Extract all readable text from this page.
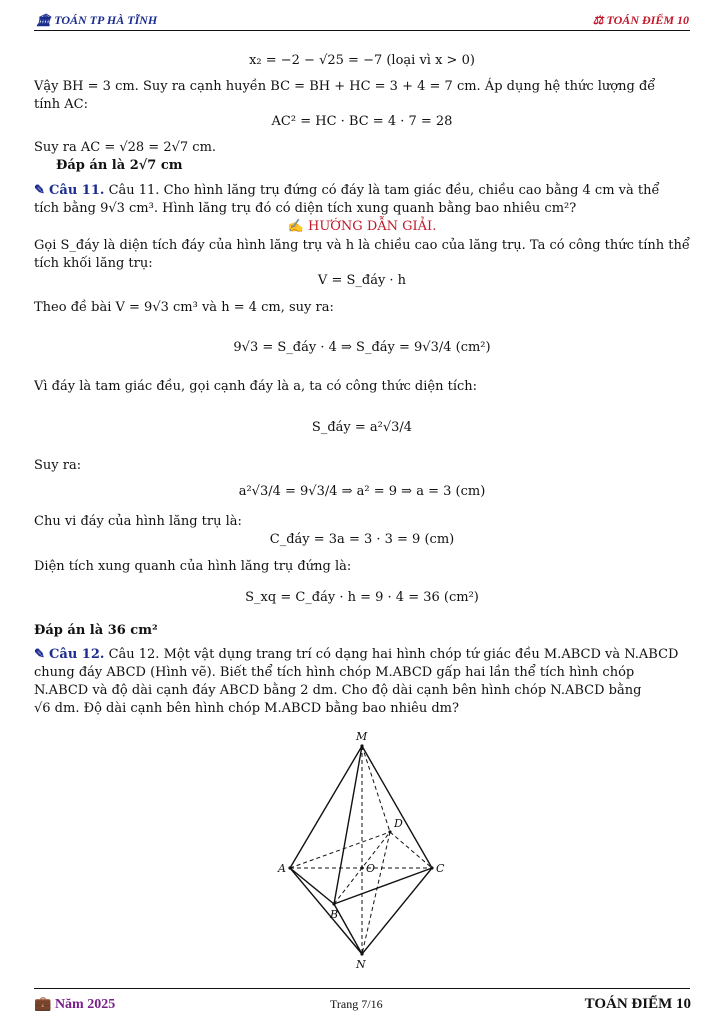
🏛 TOÁN TP HÀ TĨNH	⚖ TOÁN ĐIỂM 10
x₂ = −2 − √25 = −7 (loại vì x > 0)
Vậy BH = 3 cm. Suy ra cạnh huyền BC = BH + HC = 3 + 4 = 7 cm. Áp dụng hệ thức lượng để
tính AC:
AC² = HC · BC = 4 · 7 = 28
Suy ra AC = √28 = 2√7 cm.
Đáp án là 2√7 cm
✎ Câu 11. Câu 11. Cho hình lăng trụ đứng có đáy là tam giác đều, chiều cao bằng 4 cm và thể
tích bằng 9√3 cm³. Hình lăng trụ đó có diện tích xung quanh bằng bao nhiêu cm²?
✍ HƯỚNG DẪN GIẢI.
Gọi S_đáy là diện tích đáy của hình lăng trụ và h là chiều cao của lăng trụ. Ta có công thức tính thể
tích khối lăng trụ:
V = S_đáy · h
Theo đề bài V = 9√3 cm³ và h = 4 cm, suy ra:
9√3 = S_đáy · 4 ⇒ S_đáy = 9√3/4 (cm²)
Vì đáy là tam giác đều, gọi cạnh đáy là a, ta có công thức diện tích:
S_đáy = a²√3/4
Suy ra:
a²√3/4 = 9√3/4 ⇒ a² = 9 ⇒ a = 3 (cm)
Chu vi đáy của hình lăng trụ là:
C_đáy = 3a = 3 · 3 = 9 (cm)
Diện tích xung quanh của hình lăng trụ đứng là:
S_xq = C_đáy · h = 9 · 4 = 36 (cm²)
Đáp án là 36 cm²
✎ Câu 12. Câu 12. Một vật dụng trang trí có dạng hai hình chóp tứ giác đều M.ABCD và N.ABCD
chung đáy ABCD (Hình vẽ). Biết thể tích hình chóp M.ABCD gấp hai lần thể tích hình chóp
N.ABCD và độ dài cạnh đáy ABCD bằng 2 dm. Cho độ dài cạnh bên hình chóp N.ABCD bằng
√6 dm. Độ dài cạnh bên hình chóp M.ABCD bằng bao nhiêu dm?
M
A
B
C
D
O
N
💼 Năm 2025	Trang 7/16	TOÁN ĐIỂM 10
